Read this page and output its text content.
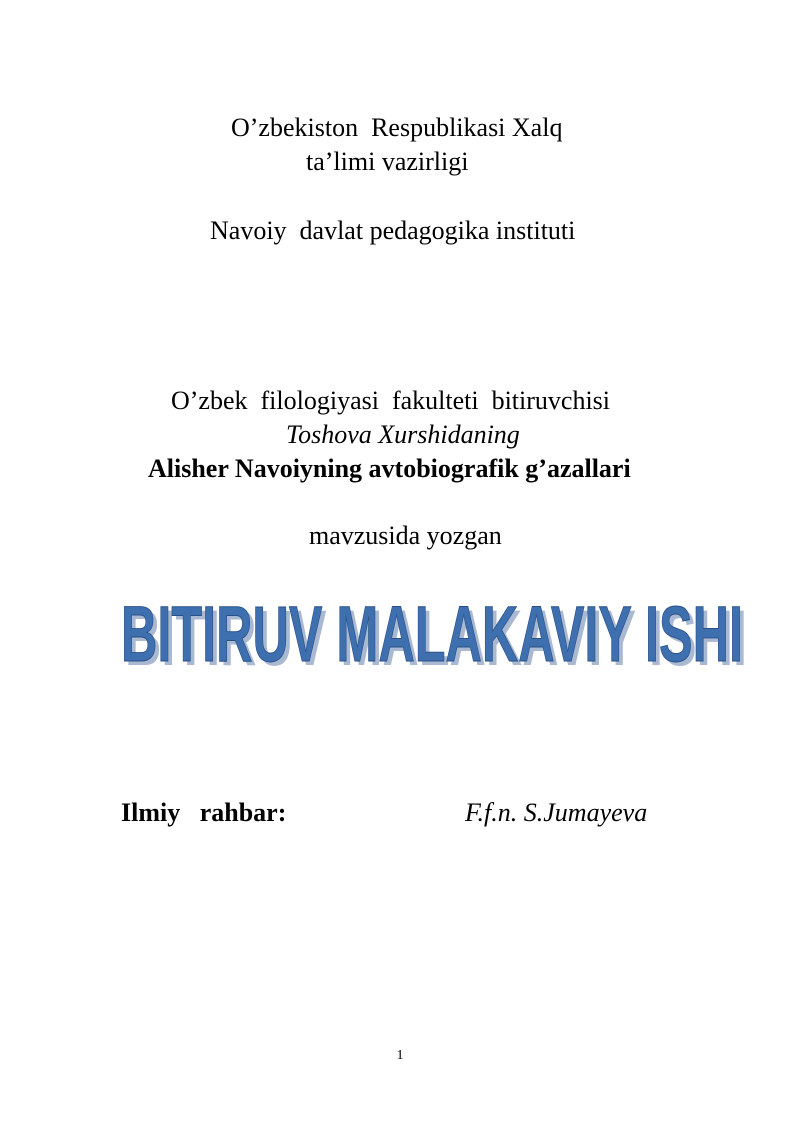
O’zbekiston  Respublikasi Xalq
ta’limi vazirligi
Navoiy  davlat pedagogika instituti
O’zbek  filologiyasi  fakulteti  bitiruvchisi
Toshova Xurshidaning
Alisher Navoiyning avtobiografik g’azallari
mavzusida yozgan
BITIRUV MALAKAVIY ISHI
BITIRUV MALAKAVIY ISHI
Ilmiy   rahbar:	F.f.n. S.Jumayeva
1
